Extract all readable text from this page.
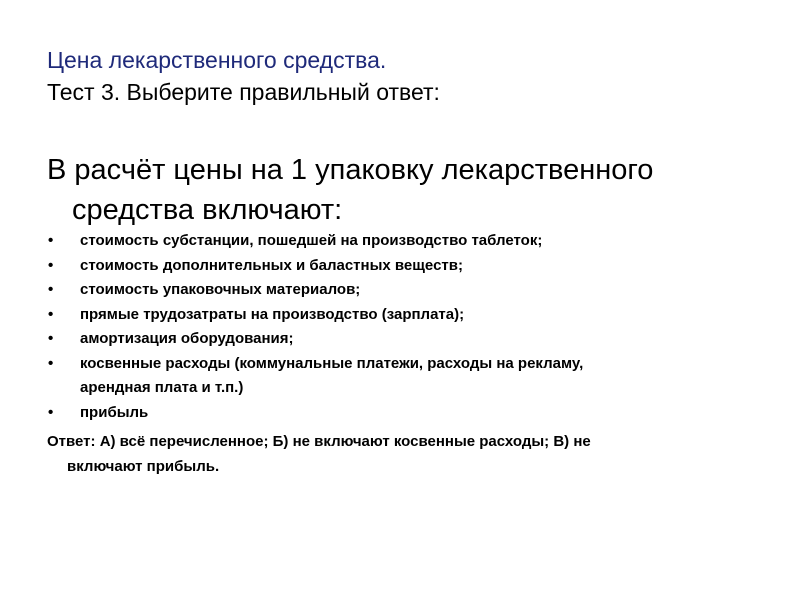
Цена лекарственного средства.
Тест 3. Выберите правильный ответ:
В расчёт цены на 1 упаковку лекарственного
средства включают:
• стоимость субстанции, пошедшей на производство таблеток;
• стоимость дополнительных и баластных веществ;
• стоимость упаковочных материалов;
• прямые трудозатраты на производство (зарплата);
• амортизация оборудования;
• косвенные расходы (коммунальные платежи, расходы на рекламу,
арендная плата и т.п.)
• прибыль
Ответ: А) всё перечисленное; Б) не включают косвенные расходы; В) не
включают прибыль.
